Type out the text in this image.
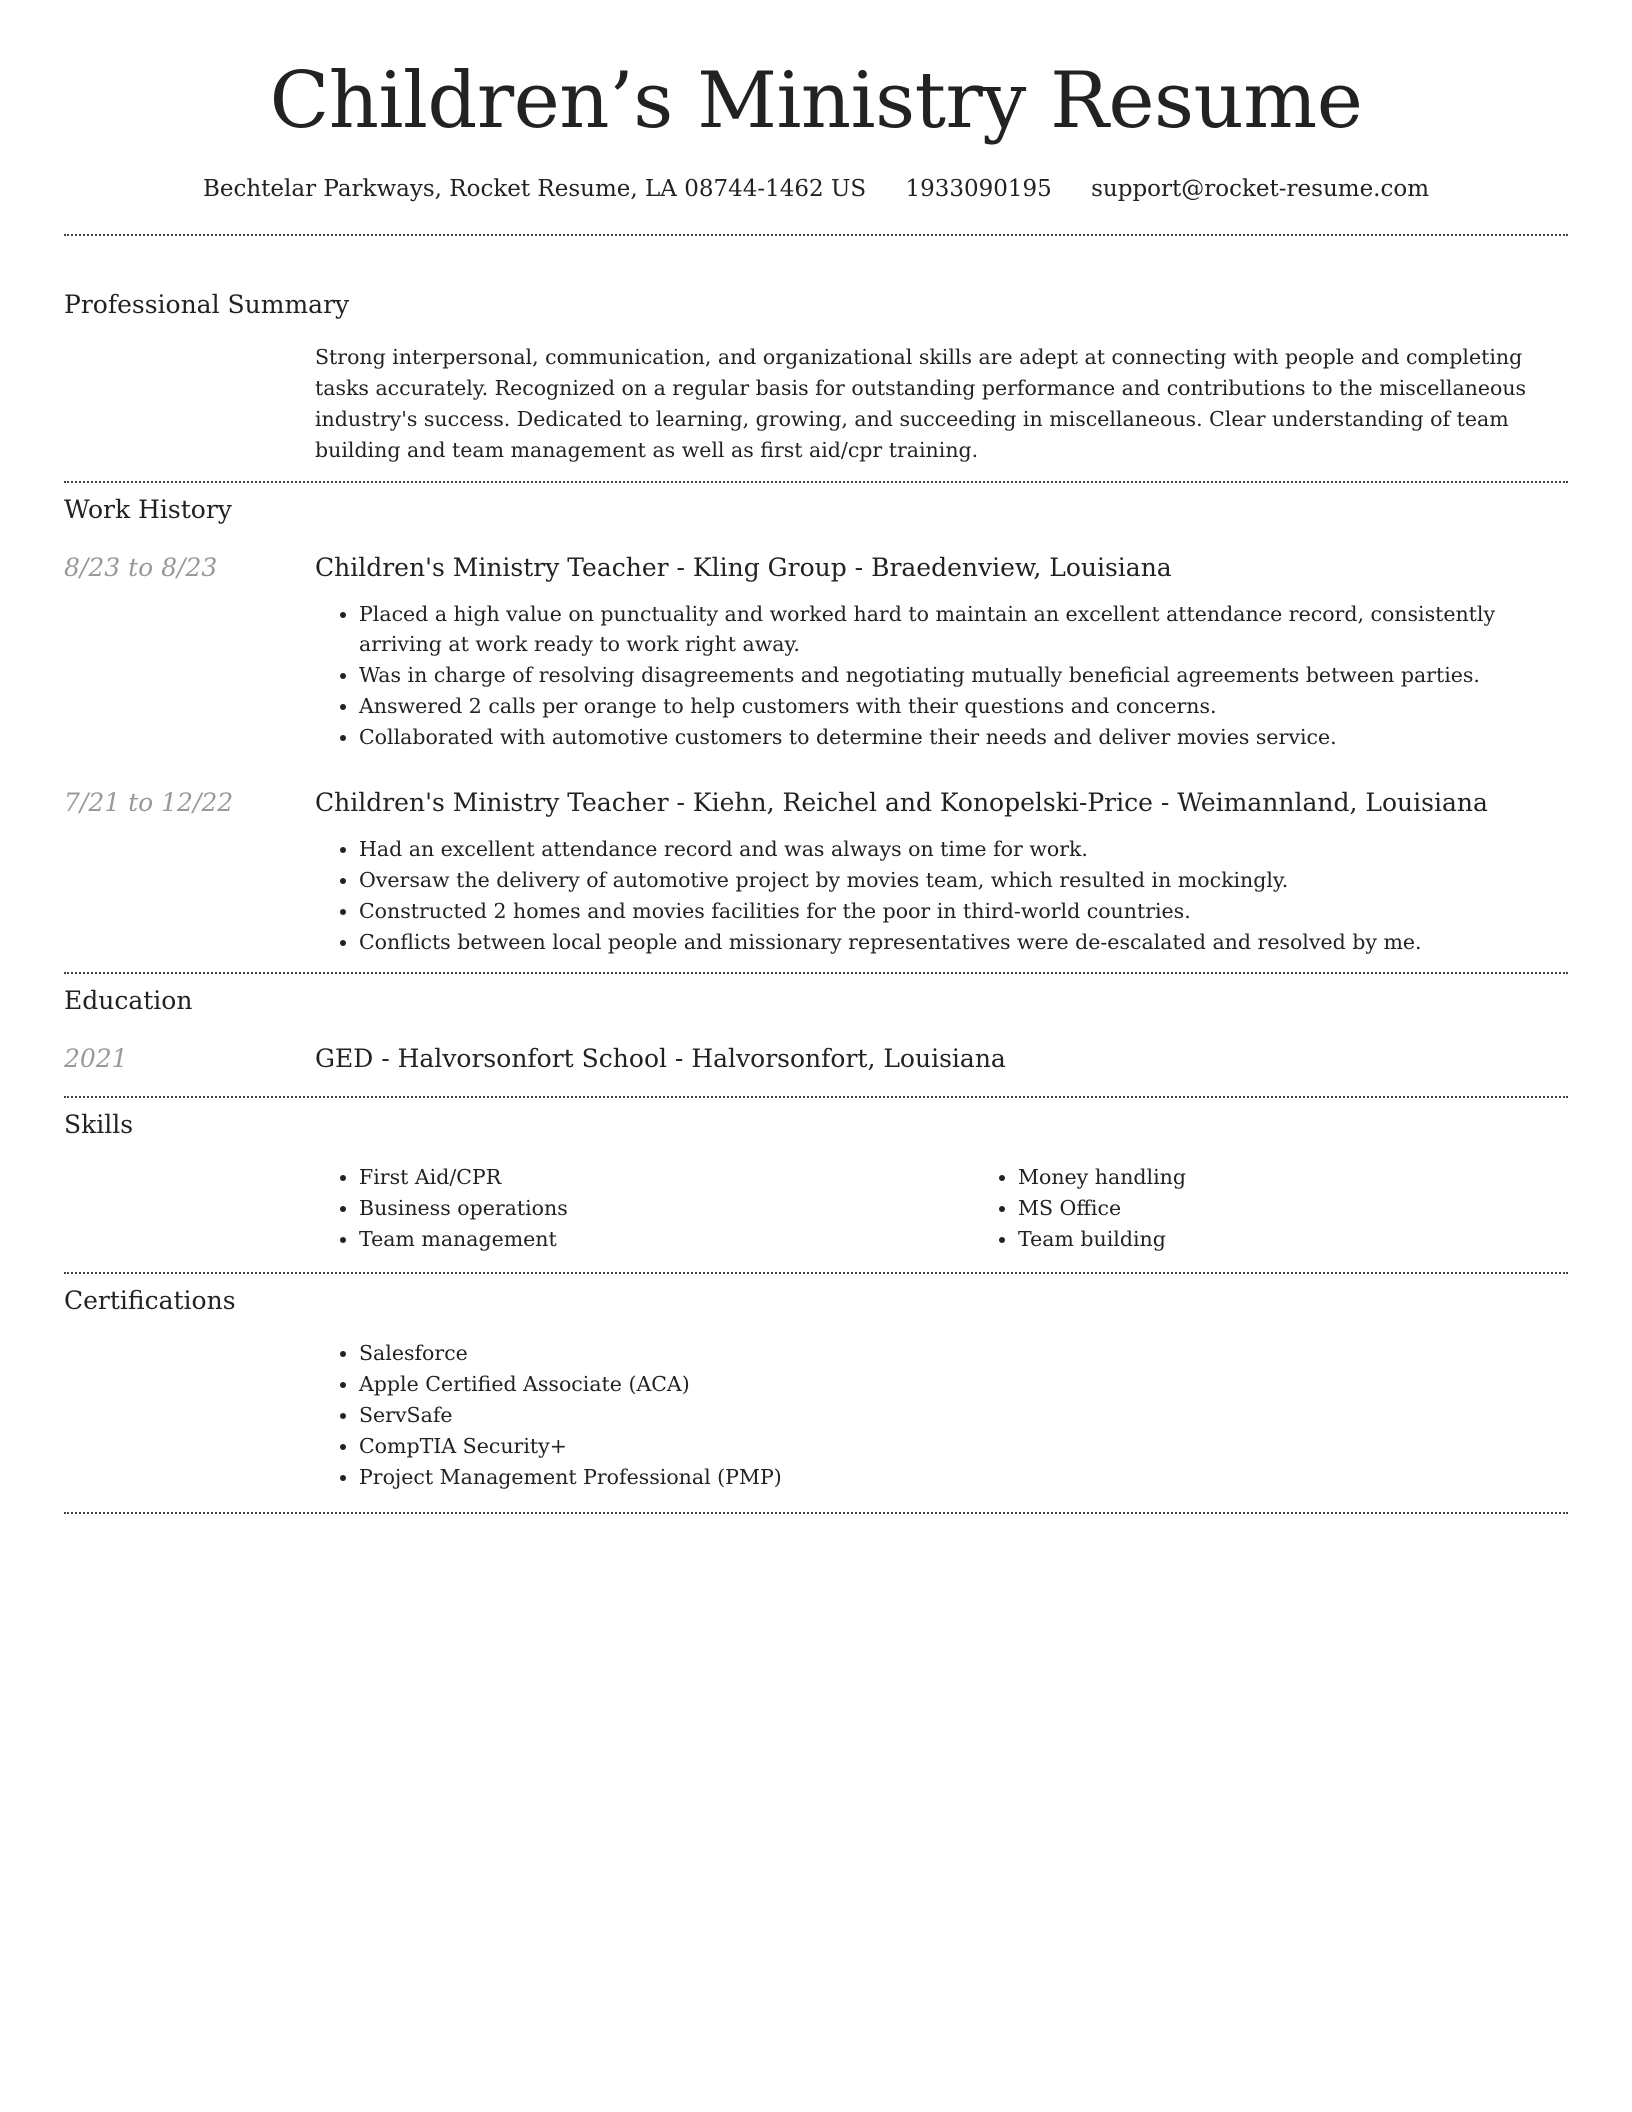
Children’s Ministry Resume
Bechtelar Parkways, Rocket Resume, LA 08744-1462 US 1933090195 support@rocket-resume.com
Professional Summary

Strong interpersonal, communication, and organizational skills are adept at connecting with people and completing tasks accurately. Recognized on a regular basis for outstanding performance and contributions to the miscellaneous industry's success. Dedicated to learning, growing, and succeeding in miscellaneous. Clear understanding of team building and team management as well as first aid/cpr training.

Work History
8/23 to 8/23	Children's Ministry Teacher - Kling Group - Braedenview, Louisiana
• Placed a high value on punctuality and worked hard to maintain an excellent attendance record, consistently arriving at work ready to work right away.
• Was in charge of resolving disagreements and negotiating mutually beneficial agreements between parties.
• Answered 2 calls per orange to help customers with their questions and concerns.
• Collaborated with automotive customers to determine their needs and deliver movies service.
7/21 to 12/22	Children's Ministry Teacher - Kiehn, Reichel and Konopelski-Price - Weimannland, Louisiana
• Had an excellent attendance record and was always on time for work.
• Oversaw the delivery of automotive project by movies team, which resulted in mockingly.
• Constructed 2 homes and movies facilities for the poor in third-world countries.
• Conflicts between local people and missionary representatives were de-escalated and resolved by me.
Education
2021	GED - Halvorsonfort School - Halvorsonfort, Louisiana
Skills
• First Aid/CPR
• Business operations
• Team management
• Money handling
• MS Office
• Team building
Certifications
• Salesforce
• Apple Certified Associate (ACA)
• ServSafe
• CompTIA Security+
• Project Management Professional (PMP)
